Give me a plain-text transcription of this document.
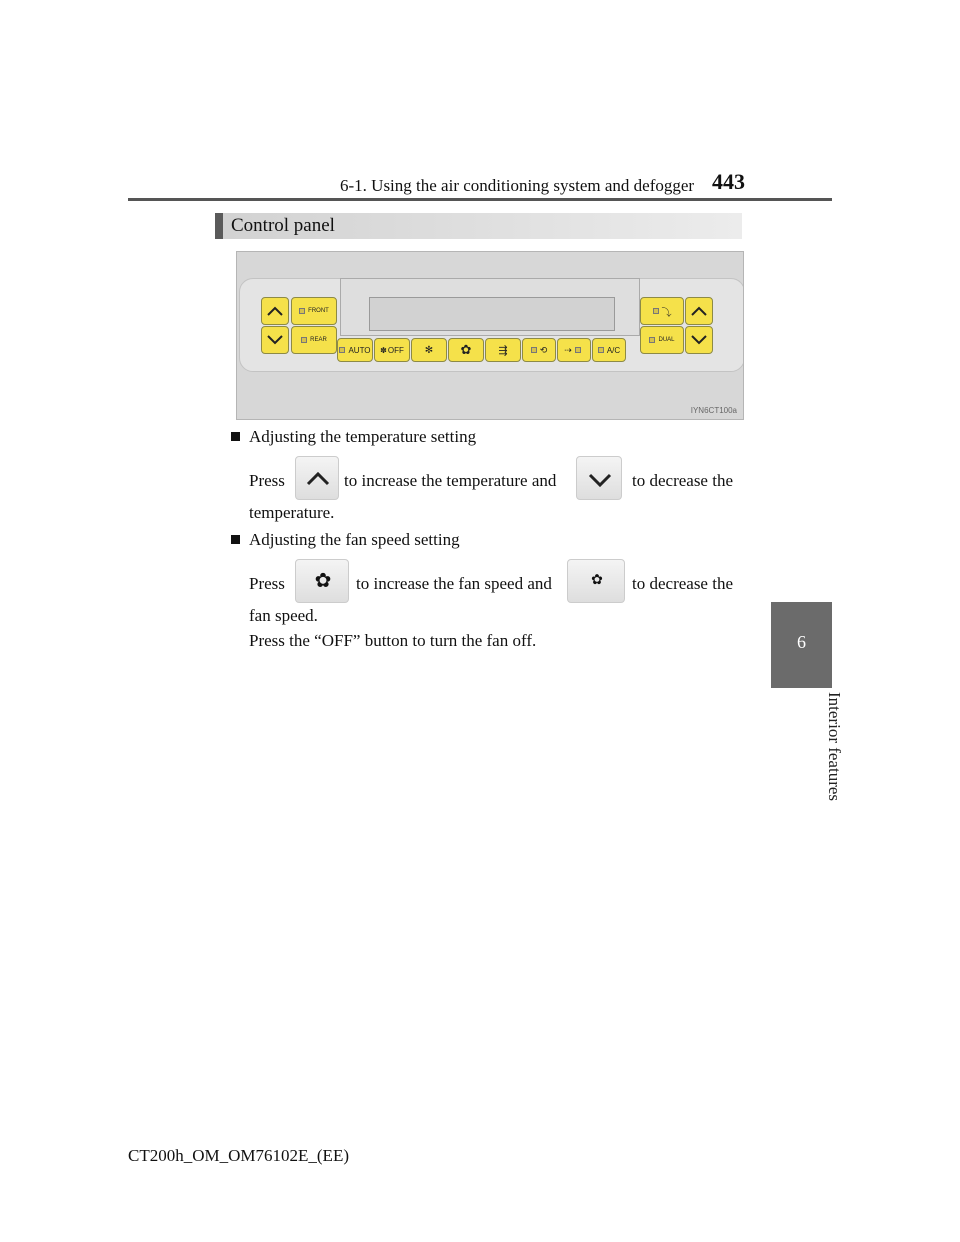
6-1. Using the air conditioning system and defogger 443
6
Interior features
Control panel
FRONT
REAR
AUTO ✽ OFF ✻ ✿ ⇶	⟲ ⇢	A/C
⤵
DUAL
IYN6CT100a
Adjusting the temperature setting
Press	to increase the temperature and	to decrease the
temperature.
Adjusting the fan speed setting
Press	✿	to increase the fan speed and	✿	to decrease the
fan speed.
Press the “OFF” button to turn the fan off.
CT200h_OM_OM76102E_(EE)
